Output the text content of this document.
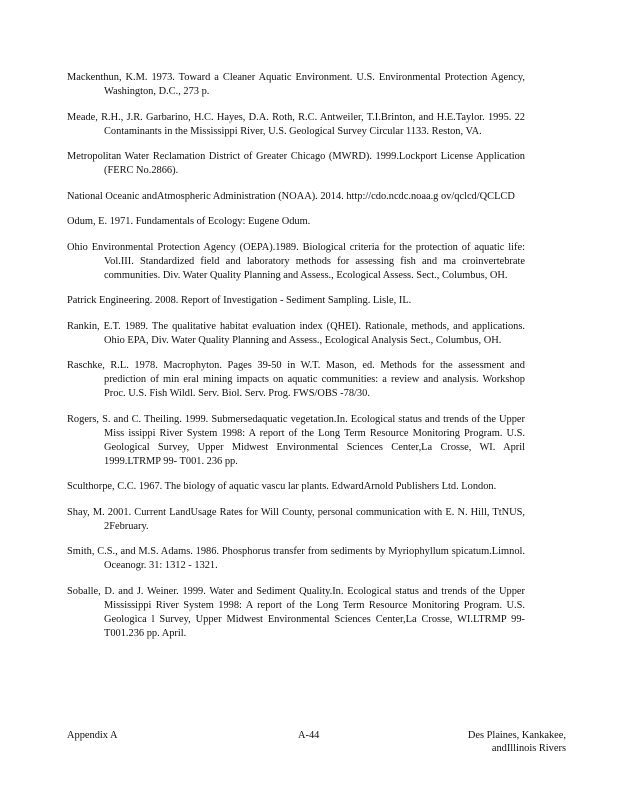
Mackenthun, K.M. 1973. Toward a Cleaner Aquatic Environment. U.S. Environmental Protection Agency, Washington, D.C., 273 p.

Meade, R.H., J.R. Garbarino, H.C. Hayes, D.A. Roth, R.C. Antweiler, T.I.Brinton, and H.E.Taylor. 1995. 22 Contaminants in the Mississippi River, U.S. Geological Survey Circular 1133. Reston, VA.

Metropolitan Water Reclamation District of Greater Chicago (MWRD). 1999.Lockport License Application (FERC No.2866).

National Oceanic andAtmospheric Administration (NOAA). 2014. http://cdo.ncdc.noaa.g ov/qclcd/QCLCD

Odum, E. 1971. Fundamentals of Ecology: Eugene Odum.

Ohio Environmental Protection Agency (OEPA).1989. Biological criteria for the protection of aquatic life: Vol.III. Standardized field and laboratory methods for assessing fish and ma croinvertebrate communities. Div. Water Quality Planning and Assess., Ecological Assess. Sect., Columbus, OH.

Patrick Engineering. 2008. Report of Investigation - Sediment Sampling. Lisle, IL.

Rankin, E.T. 1989. The qualitative habitat evaluation index (QHEI). Rationale, methods, and applications. Ohio EPA, Div. Water Quality Planning and Assess., Ecological Analysis Sect., Columbus, OH.

Raschke, R.L. 1978. Macrophyton. Pages 39-50 in W.T. Mason, ed. Methods for the assessment and prediction of min eral mining impacts on aquatic communities: a review and analysis. Workshop Proc. U.S. Fish Wildl. Serv. Biol. Serv. Prog. FWS/OBS -78/30.

Rogers, S. and C. Theiling. 1999. Submersedaquatic vegetation.In. Ecological status and trends of the Upper Miss issippi River System 1998: A report of the Long Term Resource Monitoring Program. U.S. Geological Survey, Upper Midwest Environmental Sciences Center,La Crosse, WI. April 1999.LTRMP 99- T001. 236 pp.

Sculthorpe, C.C. 1967. The biology of aquatic vascu lar plants. EdwardArnold Publishers Ltd. London.

Shay, M. 2001. Current LandUsage Rates for Will County, personal communication with E. N. Hill, TtNUS, 2February.

Smith, C.S., and M.S. Adams. 1986. Phosphorus transfer from sediments by Myriophyllum spicatum.Limnol. Oceanogr. 31: 1312 - 1321.

Soballe, D. and J. Weiner. 1999. Water and Sediment Quality.In. Ecological status and trends of the Upper Mississippi River System 1998: A report of the Long Term Resource Monitoring Program. U.S. Geologica l Survey, Upper Midwest Environmental Sciences Center,La Crosse, WI.LTRMP 99- T001.236 pp. April.

Appendix A	A-44	Des Plaines, Kankakee, andIllinois Rivers
